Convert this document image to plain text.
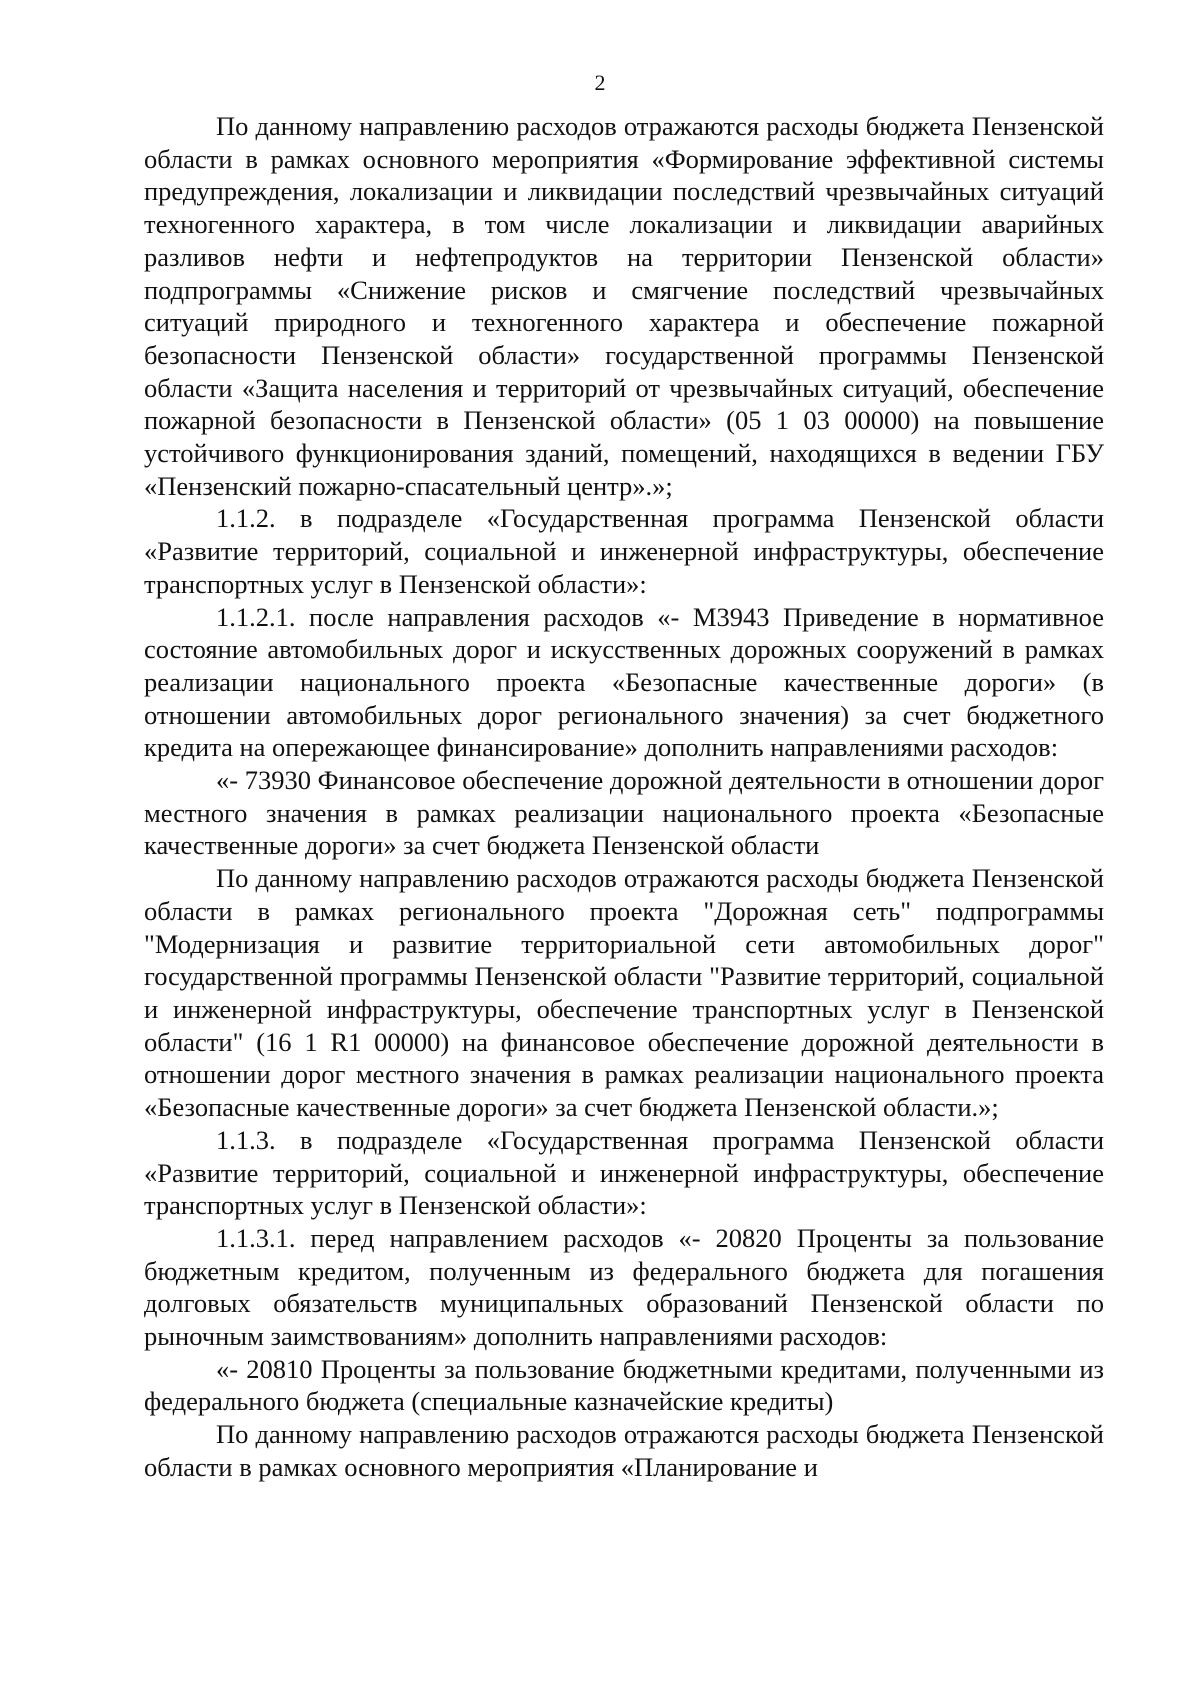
2

По данному направлению расходов отражаются расходы бюджета Пензенской области в рамках основного мероприятия «Формирование эффективной системы предупреждения, локализации и ликвидации последствий чрезвычайных ситуаций техногенного характера, в том числе локализации и ликвидации аварийных разливов нефти и нефтепродуктов на территории Пензенской области» подпрограммы «Снижение рисков и смягчение последствий чрезвычайных ситуаций природного и техногенного характера и обеспечение пожарной безопасности Пензенской области» государственной программы Пензенской области «Защита населения и территорий от чрезвычайных ситуаций, обеспечение пожарной безопасности в Пензенской области» (05 1 03 00000) на повышение устойчивого функционирования зданий, помещений, находящихся в ведении ГБУ «Пензенский пожарно-спасательный центр».»;

1.1.2. в подразделе «Государственная программа Пензенской области «Развитие территорий, социальной и инженерной инфраструктуры, обеспечение транспортных услуг в Пензенской области»:

1.1.2.1. после направления расходов «- M3943 Приведение в нормативное состояние автомобильных дорог и искусственных дорожных сооружений в рамках реализации национального проекта «Безопасные качественные дороги» (в отношении автомобильных дорог регионального значения) за счет бюджетного кредита на опережающее финансирование» дополнить направлениями расходов:

«- 73930 Финансовое обеспечение дорожной деятельности в отношении дорог местного значения в рамках реализации национального проекта «Безопасные качественные дороги» за счет бюджета Пензенской области

По данному направлению расходов отражаются расходы бюджета Пензенской области в рамках регионального проекта "Дорожная сеть" подпрограммы "Модернизация и развитие территориальной сети автомобильных дорог" государственной программы Пензенской области "Развитие территорий, социальной и инженерной инфраструктуры, обеспечение транспортных услуг в Пензенской области" (16 1 R1 00000) на финансовое обеспечение дорожной деятельности в отношении дорог местного значения в рамках реализации национального проекта «Безопасные качественные дороги» за счет бюджета Пензенской области.»;

1.1.3. в подразделе «Государственная программа Пензенской области «Развитие территорий, социальной и инженерной инфраструктуры, обеспечение транспортных услуг в Пензенской области»:

1.1.3.1. перед направлением расходов «- 20820 Проценты за пользование бюджетным кредитом, полученным из федерального бюджета для погашения долговых обязательств муниципальных образований Пензенской области по рыночным заимствованиям» дополнить направлениями расходов:

«- 20810 Проценты за пользование бюджетными кредитами, полученными из федерального бюджета (специальные казначейские кредиты)

По данному направлению расходов отражаются расходы бюджета Пензенской области в рамках основного мероприятия «Планирование и
